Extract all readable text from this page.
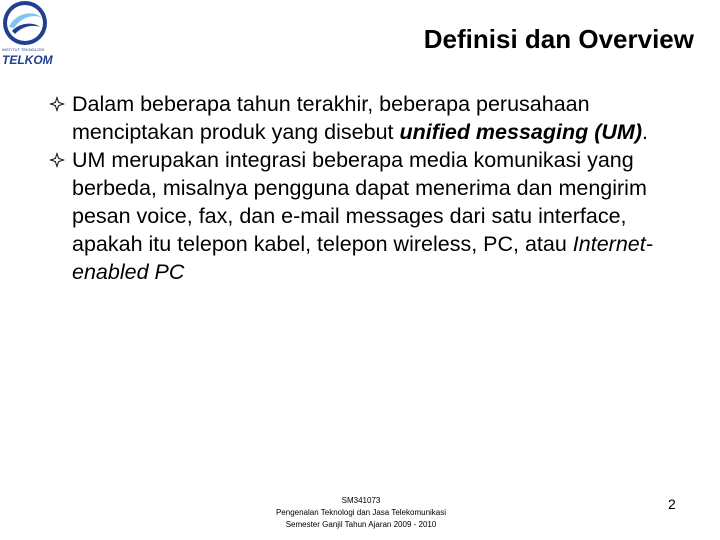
INSTITUT TEKNOLOGI
TELKOM
Definisi dan Overview
Dalam beberapa tahun terakhir, beberapa perusahaan menciptakan produk yang disebut unified messaging (UM).
UM merupakan integrasi beberapa media komunikasi yang berbeda, misalnya pengguna dapat menerima dan mengirim pesan voice, fax, dan e-mail messages dari satu interface, apakah itu telepon kabel, telepon wireless, PC, atau Internet-enabled PC
SM341073
Pengenalan Teknologi dan Jasa Telekomunikasi
Semester Ganjil Tahun Ajaran 2009 - 2010
2
